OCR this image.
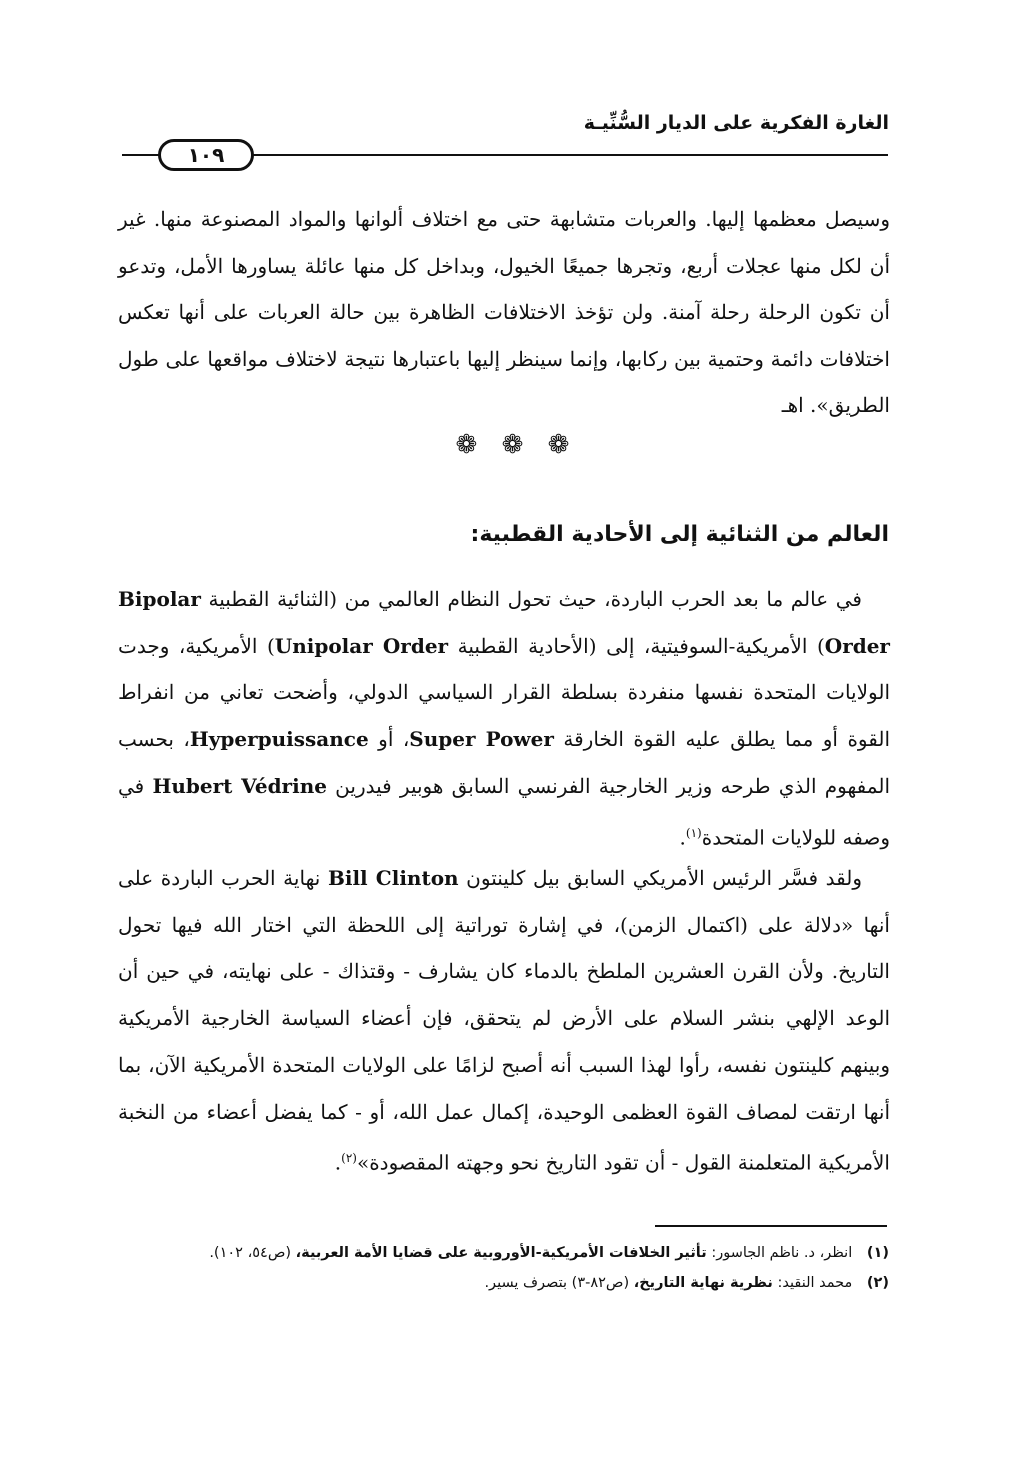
الغارة الفكرية على الديار السُّنِّيـة
١٠٩

وسيصل معظمها إليها. والعربات متشابهة حتى مع اختلاف ألوانها والمواد المصنوعة منها. غير أن لكل منها عجلات أربع، وتجرها جميعًا الخيول، وبداخل كل منها عائلة يساورها الأمل، وتدعو أن تكون الرحلة رحلة آمنة. ولن تؤخذ الاختلافات الظاهرة بين حالة العربات على أنها تعكس اختلافات دائمة وحتمية بين ركابها، وإنما سينظر إليها باعتبارها نتيجة لاختلاف مواقعها على طول الطريق». اهـ

❁ ❁ ❁
العالم من الثنائية إلى الأحادية القطبية:

في عالم ما بعد الحرب الباردة، حيث تحول النظام العالمي من (الثنائية القطبية Bipolar Order) الأمريكية-السوفيتية، إلى (الأحادية القطبية Unipolar Order) الأمريكية، وجدت الولايات المتحدة نفسها منفردة بسلطة القرار السياسي الدولي، وأضحت تعاني من انفراط القوة أو مما يطلق عليه القوة الخارقة Super Power، أو Hyperpuissance، بحسب المفهوم الذي طرحه وزير الخارجية الفرنسي السابق هوبير فيدرين Hubert Védrine في وصفه للولايات المتحدة$^{(١)}$.

ولقد فسَّر الرئيس الأمريكي السابق بيل كلينتون Bill Clinton نهاية الحرب الباردة على أنها «دلالة على (اكتمال الزمن)، في إشارة توراتية إلى اللحظة التي اختار الله فيها تحول التاريخ. ولأن القرن العشرين الملطخ بالدماء كان يشارف - وقتذاك - على نهايته، في حين أن الوعد الإلهي بنشر السلام على الأرض لم يتحقق، فإن أعضاء السياسة الخارجية الأمريكية وبينهم كلينتون نفسه، رأوا لهذا السبب أنه أصبح لزامًا على الولايات المتحدة الأمريكية الآن، بما أنها ارتقت لمصاف القوة العظمى الوحيدة، إكمال عمل الله، أو - كما يفضل أعضاء من النخبة الأمريكية المتعلمنة القول - أن تقود التاريخ نحو وجهته المقصودة»$^{(٢)}$.

(١) انظر، د. ناظم الجاسور: تأثير الخلافات الأمريكية-الأوروبية على قضايا الأمة العربية، (ص٥٤، ١٠٢).
(٢) محمد النقيد: نظرية نهاية التاريخ، (ص٨٢-٣) بتصرف يسير.
